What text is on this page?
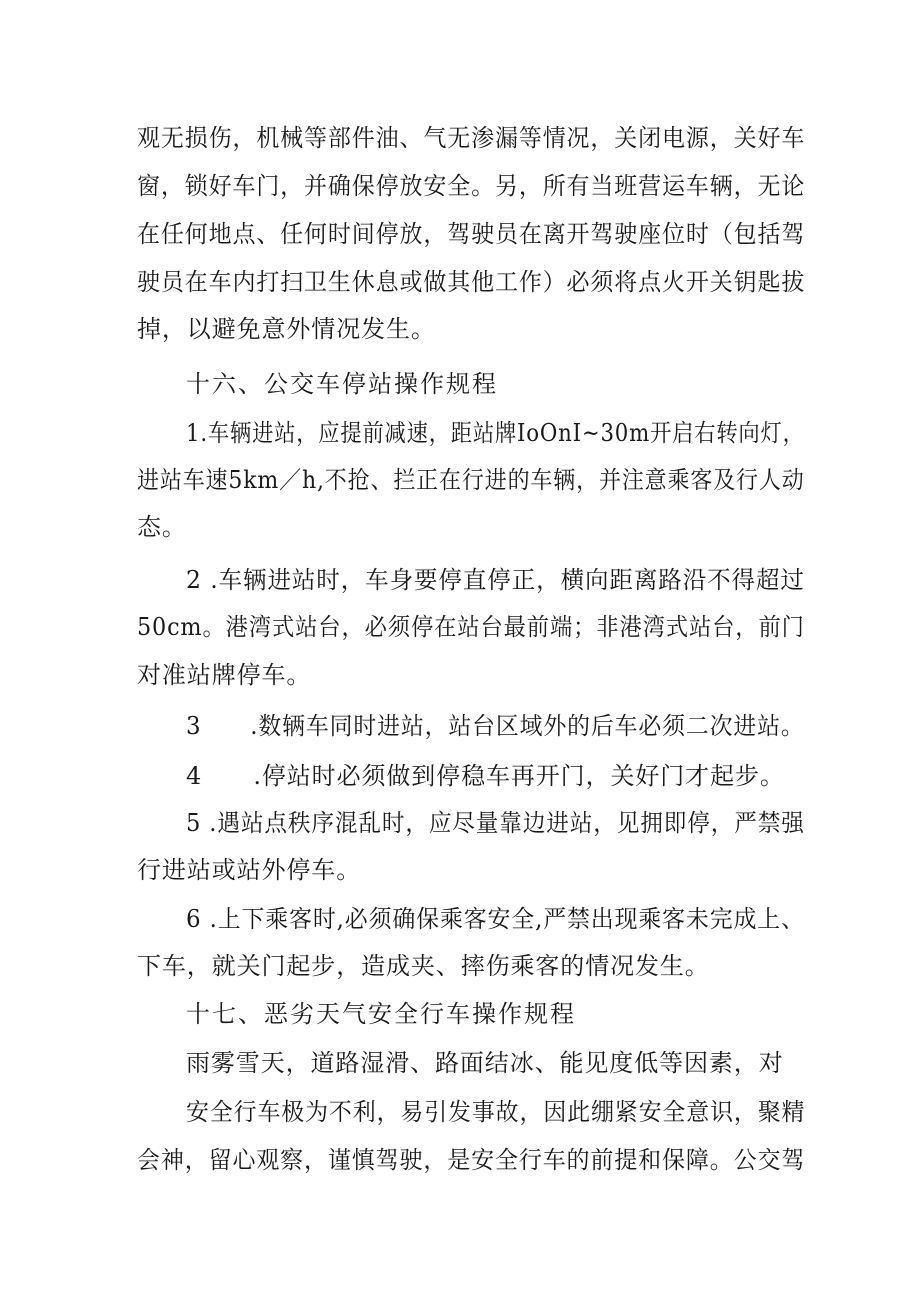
观无损伤，机械等部件油、气无渗漏等情况，关闭电源，关好车
窗，锁好车门，并确保停放安全。另，所有当班营运车辆，无论
在任何地点、任何时间停放，驾驶员在离开驾驶座位时（包括驾
驶员在车内打扫卫生休息或做其他工作）必须将点火开关钥匙拔
掉，以避免意外情况发生。
十六、公交车停站操作规程
1.车辆进站，应提前减速，距站牌IoOnI~30m开启右转向灯，
进站车速5km／h,不抢、拦正在行进的车辆，并注意乘客及行人动
态。
2 .车辆进站时，车身要停直停正，横向距离路沿不得超过
50cm。港湾式站台，必须停在站台最前端；非港湾式站台，前门
对准站牌停车。
3      .数辆车同时进站，站台区域外的后车必须二次进站。
4      .停站时必须做到停稳车再开门，关好门才起步。
5 .遇站点秩序混乱时，应尽量靠边进站，见拥即停，严禁强
行进站或站外停车。
6 .上下乘客时,必须确保乘客安全,严禁出现乘客未完成上、
下车，就关门起步，造成夹、摔伤乘客的情况发生。
十七、恶劣天气安全行车操作规程
雨雾雪天，道路湿滑、路面结冰、能见度低等因素，对
安全行车极为不利，易引发事故，因此绷紧安全意识，聚精
会神，留心观察，谨慎驾驶，是安全行车的前提和保障。公交驾
